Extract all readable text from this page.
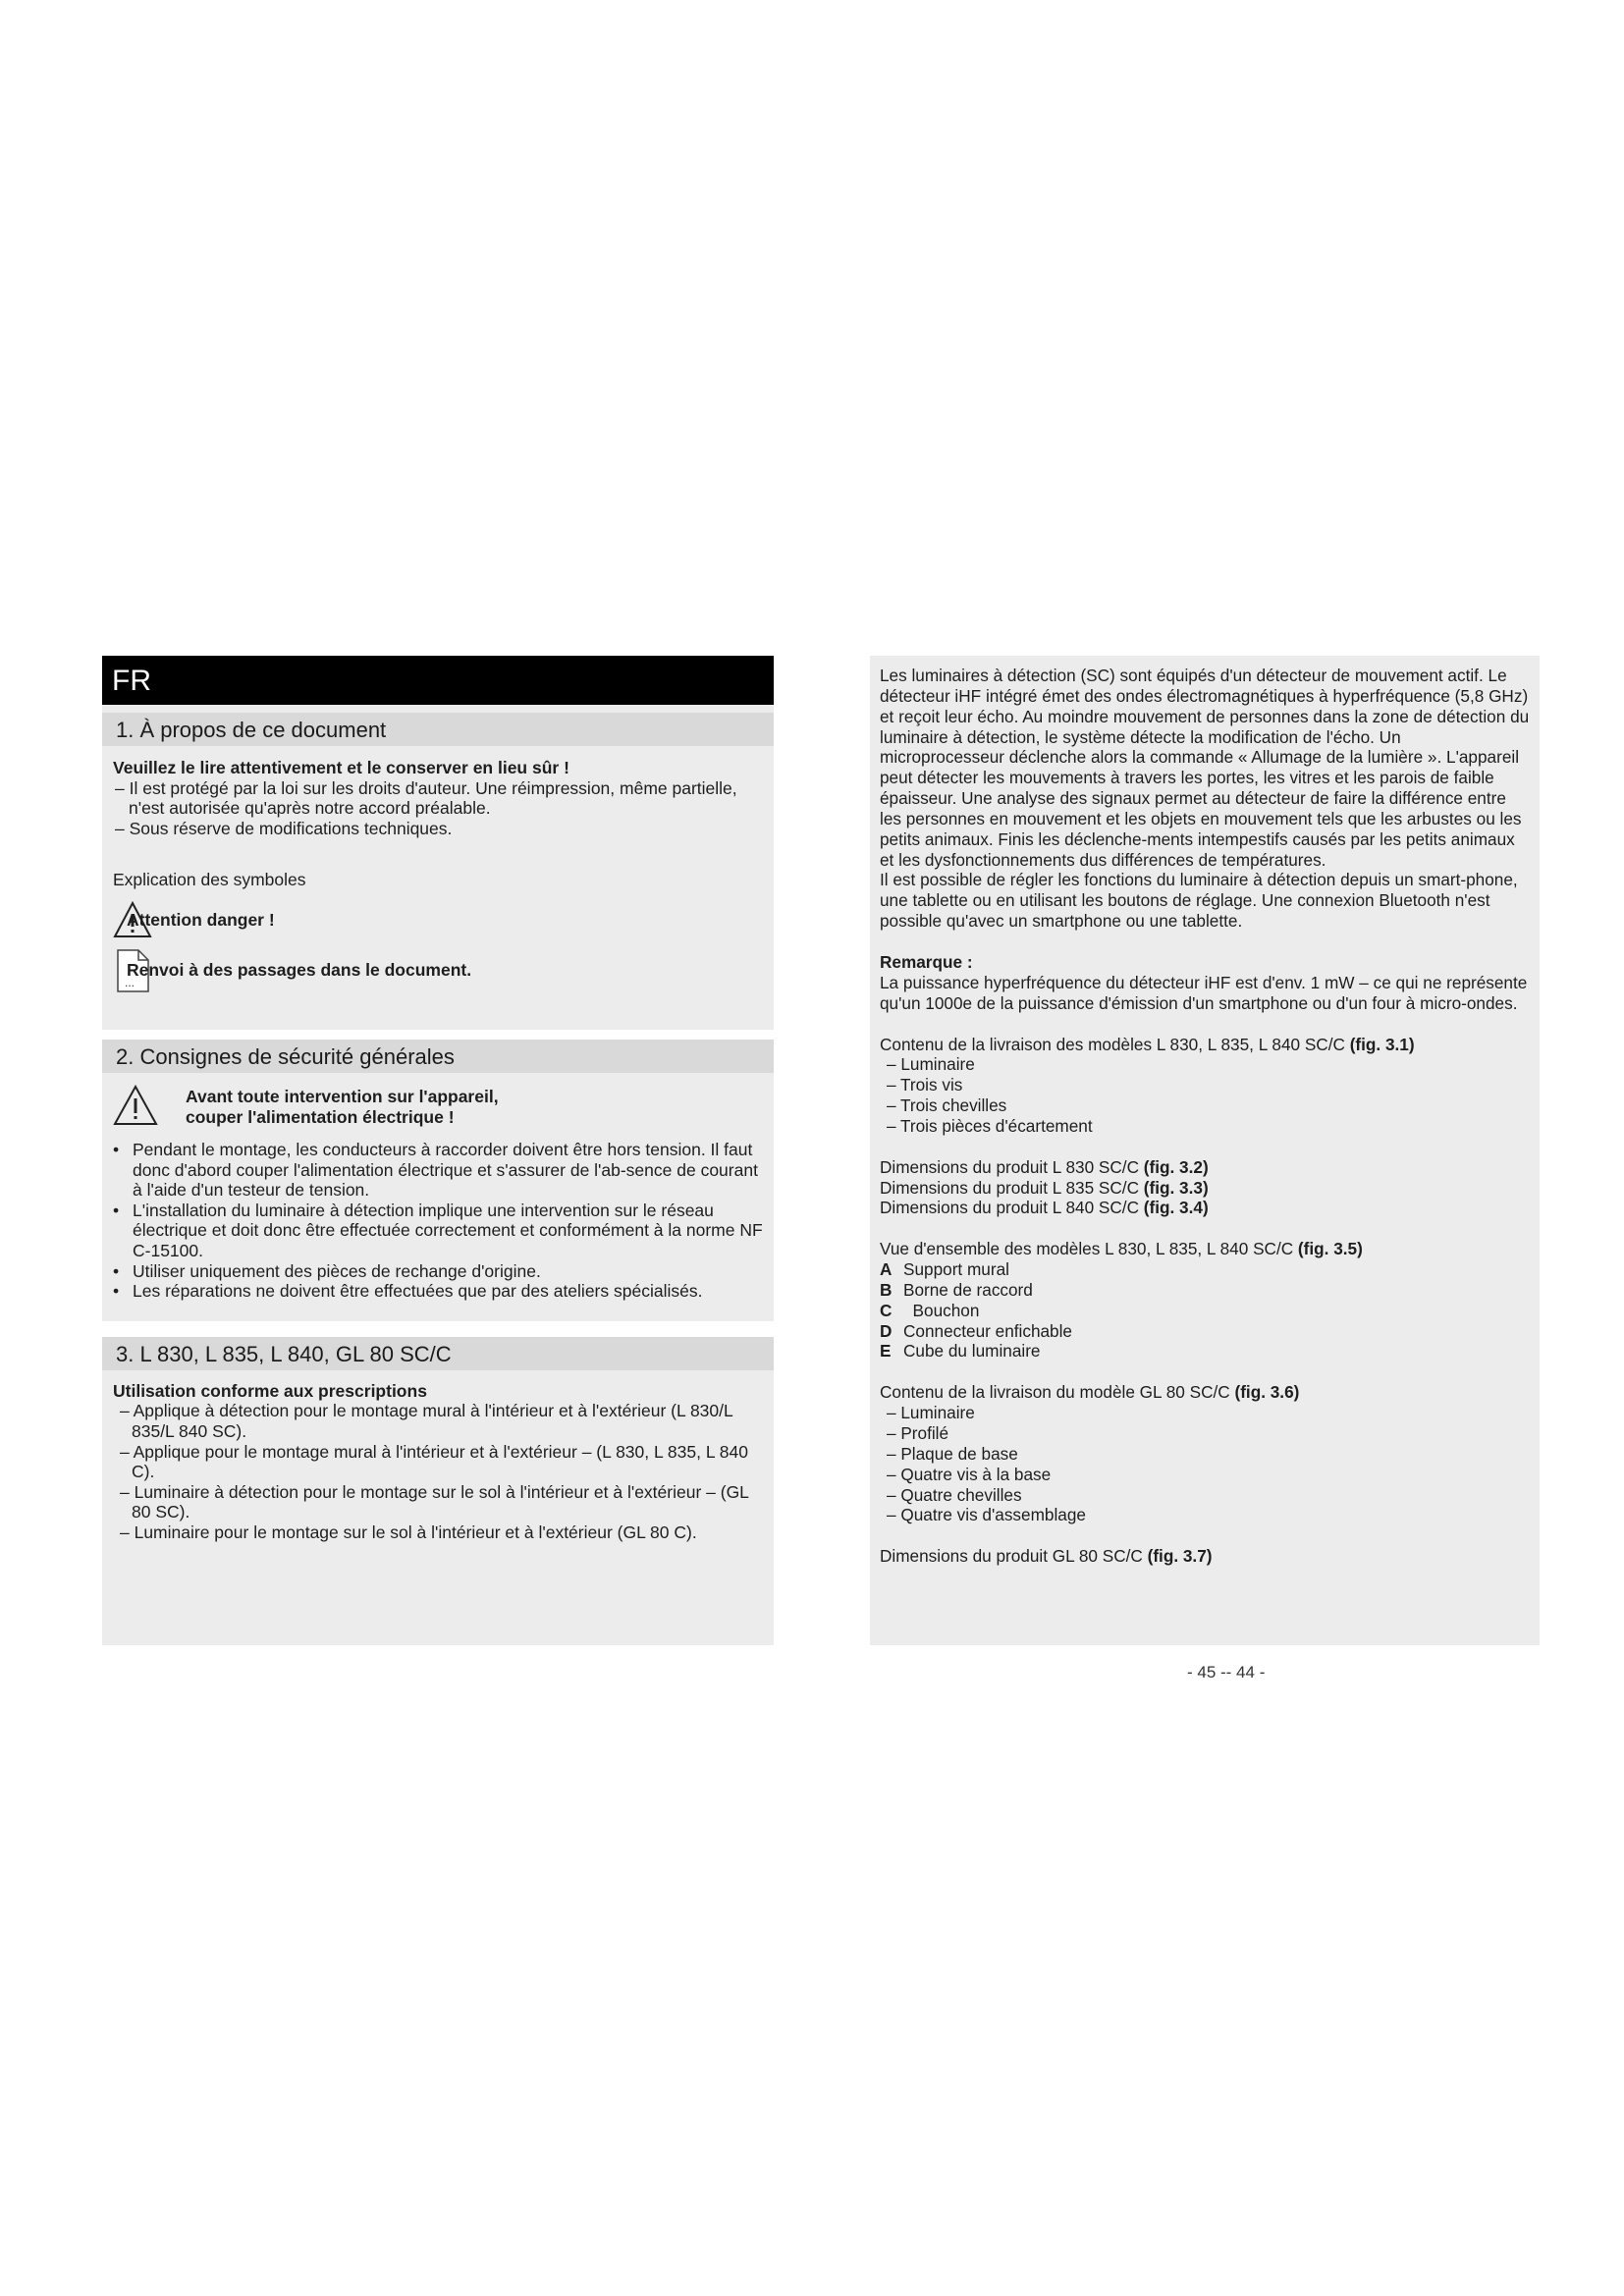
FR
1. À propos de ce document
Veuillez le lire attentivement et le conserver en lieu sûr !
– Il est protégé par la loi sur les droits d'auteur. Une réimpression, même partielle, n'est autorisée qu'après notre accord préalable.
– Sous réserve de modifications techniques.
Explication des symboles
Attention danger !
...
Renvoi à des passages dans le document.
2. Consignes de sécurité générales
Avant toute intervention sur l'appareil,
couper l'alimentation électrique !
• Pendant le montage, les conducteurs à raccorder doivent être hors tension. Il faut donc d'abord couper l'alimentation électrique et s'assurer de l'ab-sence de courant à l'aide d'un testeur de tension.
• L'installation du luminaire à détection implique une intervention sur le réseau électrique et doit donc être effectuée correctement et conformément à la norme NF C-15100.
• Utiliser uniquement des pièces de rechange d'origine.
• Les réparations ne doivent être effectuées que par des ateliers spécialisés.
3. L 830, L 835, L 840, GL 80 SC/C
Utilisation conforme aux prescriptions
– Applique à détection pour le montage mural à l'intérieur et à l'extérieur (L 830/L 835/L 840 SC).
– Applique pour le montage mural à l'intérieur et à l'extérieur – (L 830, L 835, L 840 C).
– Luminaire à détection pour le montage sur le sol à l'intérieur et à l'extérieur – (GL 80 SC).
– Luminaire pour le montage sur le sol à l'intérieur et à l'extérieur (GL 80 C).
Les luminaires à détection (SC) sont équipés d'un détecteur de mouvement actif. Le détecteur iHF intégré émet des ondes électromagnétiques à hyperfréquence (5,8 GHz) et reçoit leur écho. Au moindre mouvement de personnes dans la zone de détection du luminaire à détection, le système détecte la modification de l'écho. Un microprocesseur déclenche alors la commande « Allumage de la lumière ». L'appareil peut détecter les mouvements à travers les portes, les vitres et les parois de faible épaisseur. Une analyse des signaux permet au détecteur de faire la différence entre les personnes en mouvement et les objets en mouvement tels que les arbustes ou les petits animaux. Finis les déclenche-ments intempestifs causés par les petits animaux et les dysfonctionnements dus différences de températures.
Il est possible de régler les fonctions du luminaire à détection depuis un smart-phone, une tablette ou en utilisant les boutons de réglage. Une connexion Bluetooth n'est possible qu'avec un smartphone ou une tablette.
Remarque :
La puissance hyperfréquence du détecteur iHF est d'env. 1 mW – ce qui ne représente qu'un 1000e de la puissance d'émission d'un smartphone ou d'un four à micro-ondes.
Contenu de la livraison des modèles L 830, L 835, L 840 SC/C (fig. 3.1)
– Luminaire
– Trois vis
– Trois chevilles
– Trois pièces d'écartement
Dimensions du produit L 830 SC/C (fig. 3.2)
Dimensions du produit L 835 SC/C (fig. 3.3)
Dimensions du produit L 840 SC/C (fig. 3.4)
Vue d'ensemble des modèles L 830, L 835, L 840 SC/C (fig. 3.5)
A Support mural
B Borne de raccord
C  Bouchon
D Connecteur enfichable
E Cube du luminaire
Contenu de la livraison du modèle GL 80 SC/C (fig. 3.6)
– Luminaire
– Profilé
– Plaque de base
– Quatre vis à la base
– Quatre chevilles
– Quatre vis d'assemblage
Dimensions du produit GL 80 SC/C (fig. 3.7)
- 45 -- 44 -
